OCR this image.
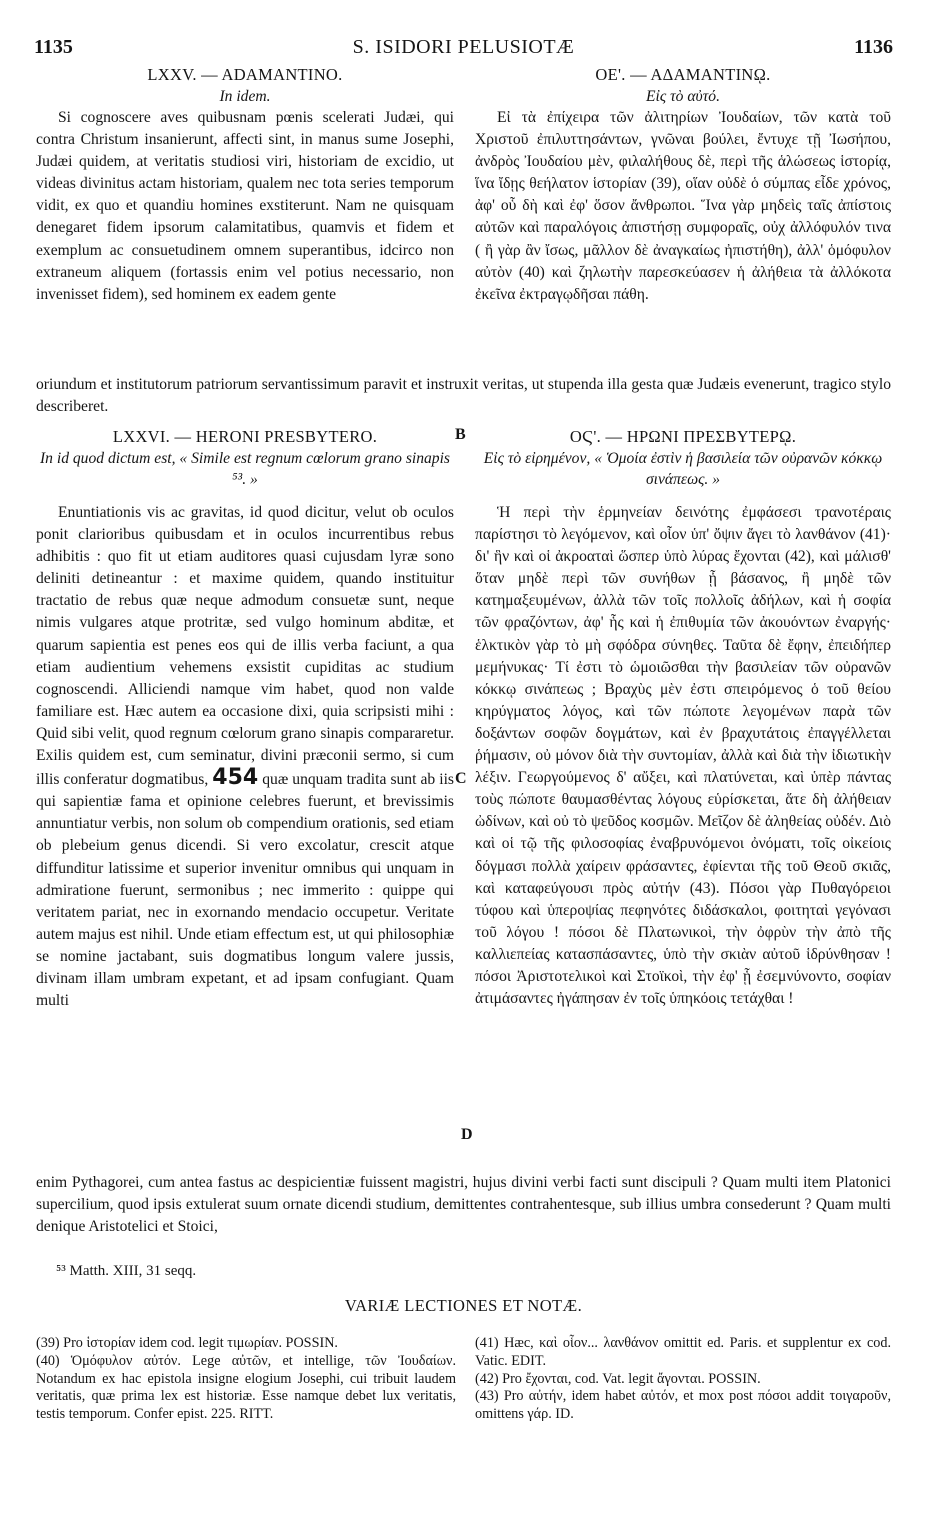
1135	S. ISIDORI PELUSIOTÆ	1136
LXXV. — ADAMANTINO.
In idem.

Si cognoscere aves quibusnam pœnis scelerati Judæi, qui contra Christum insanierunt, affecti sint, in manus sume Josephi, Judæi quidem, at veritatis studiosi viri, historiam de excidio, ut videas divinitus actam historiam, qualem nec tota series temporum vidit, ex quo et quandiu homines exstiterunt. Nam ne quisquam denegaret fidem ipsorum calamitatibus, quamvis et fidem et exemplum ac consuetudinem omnem superantibus, idcirco non extraneum aliquem (fortassis enim vel potius necessario, non invenisset fidem), sed hominem ex eadem gente

ΟΕ'. — ΑΔΑΜΑΝΤΙΝῼ.
Εἰς τὸ αὐτό.

Εἰ τὰ ἐπίχειρα τῶν ἀλιτηρίων Ἰουδαίων, τῶν κατὰ τοῦ Χριστοῦ ἐπιλυττησάντων, γνῶναι βούλει, ἔντυχε τῇ Ἰωσήπου, ἀνδρὸς Ἰουδαίου μὲν, φιλαλήθους δὲ, περὶ τῆς ἁλώσεως ἱστορίᾳ, ἵνα ἴδῃς θεήλατον ἱστορίαν (39), οἵαν οὐδὲ ὁ σύμπας εἶδε χρόνος, ἀφ' οὗ δὴ καὶ ἐφ' ὅσον ἄνθρωποι. Ἵνα γὰρ μηδεὶς ταῖς ἀπίστοις αὐτῶν καὶ παραλόγοις ἀπιστήσῃ συμφοραῖς, οὐχ ἀλλόφυλόν τινα ( ἢ γὰρ ἂν ἴσως, μᾶλλον δὲ ἀναγκαίως ἠπιστήθη), ἀλλ' ὁμόφυλον αὐτὸν (40) καὶ ζηλωτὴν παρεσκεύασεν ἡ ἀλήθεια τὰ ἀλλόκοτα ἐκεῖνα ἐκτραγῳδῆσαι πάθη.

oriundum et institutorum patriorum servantissimum paravit et instruxit veritas, ut stupenda illa gesta quæ Judæis evenerunt, tragico stylo describeret.
B
LXXVI. — HERONI PRESBYTERO.
In id quod dictum est, « Simile est regnum cœlorum grano sinapis ⁵³. »

Enuntiationis vis ac gravitas, id quod dicitur, velut ob oculos ponit clarioribus quibusdam et in oculos incurrentibus rebus adhibitis : quo fit ut etiam auditores quasi cujusdam lyræ sono deliniti detineantur : et maxime quidem, quando instituitur tractatio de rebus quæ neque admodum consuetæ sunt, neque nimis vulgares atque protritæ, sed vulgo hominum abditæ, et quarum sapientia est penes eos qui de illis verba faciunt, a qua etiam audientium vehemens exsistit cupiditas ac studium cognoscendi. Alliciendi namque vim habet, quod non valde familiare est. Hæc autem ea occasione dixi, quia scripsisti mihi : Quid sibi velit, quod regnum cœlorum grano sinapis compararetur. Exilis quidem est, cum seminatur, divini præconii sermo, si cum illis conferatur dogmatibus, 454 quæ unquam tradita sunt ab iis qui sapientiæ fama et opinione celebres fuerunt, et brevissimis annuntiatur verbis, non solum ob compendium orationis, sed etiam ob plebeium genus dicendi. Si vero excolatur, crescit atque diffunditur latissime et superior invenitur omnibus qui unquam in admiratione fuerunt, sermonibus ; nec immerito : quippe qui veritatem pariat, nec in exornando mendacio occupetur. Veritate autem majus est nihil. Unde etiam effectum est, ut qui philosophiæ se nomine jactabant, suis dogmatibus longum valere jussis, divinam illam umbram expetant, et ad ipsam confugiant. Quam multi

ΟϚ'. — ΗΡΩΝΙ ΠΡΕΣΒΥΤΕΡῼ.
Εἰς τὸ εἰρημένον, « Ὁμοία ἐστὶν ἡ βασιλεία τῶν οὐρανῶν κόκκῳ σινάπεως. »

Ἡ περὶ τὴν ἑρμηνείαν δεινότης ἐμφάσεσι τρανοτέραις παρίστησι τὸ λεγόμενον, καὶ οἷον ὑπ' ὄψιν ἄγει τὸ λανθάνον (41)· δι' ἣν καὶ οἱ ἀκροαταὶ ὥσπερ ὑπὸ λύρας ἔχονται (42), καὶ μάλισθ' ὅταν μηδὲ περὶ τῶν συνήθων ᾖ βάσανος, ἢ μηδὲ τῶν κατημαξευμένων, ἀλλὰ τῶν τοῖς πολλοῖς ἀδήλων, καὶ ἡ σοφία τῶν φραζόντων, ἀφ' ἧς καὶ ἡ ἐπιθυμία τῶν ἀκουόντων ἐναργής· ἑλκτικὸν γὰρ τὸ μὴ σφόδρα σύνηθες. Ταῦτα δὲ ἔφην, ἐπειδήπερ μεμήνυκας· Τί ἐστι τὸ ὡμοιῶσθαι τὴν βασιλείαν τῶν οὐρανῶν κόκκῳ σινάπεως ; Βραχὺς μὲν ἐστι σπειρόμενος ὁ τοῦ θείου κηρύγματος λόγος, καὶ τῶν πώποτε λεγομένων παρὰ τῶν δοξάντων σοφῶν δογμάτων, καὶ ἐν βραχυτάτοις ἐπαγγέλλεται ῥήμασιν, οὐ μόνον διὰ τὴν συντομίαν, ἀλλὰ καὶ διὰ τὴν ἰδιωτικὴν λέξιν. Γεωργούμενος δ' αὔξει, καὶ πλατύνεται, καὶ ὑπὲρ πάντας τοὺς πώποτε θαυμασθέντας λόγους εὑρίσκεται, ἅτε δὴ ἀλήθειαν ὠδίνων, καὶ οὐ τὸ ψεῦδος κοσμῶν. Μεῖζον δὲ ἀληθείας οὐδέν. Διὸ καὶ οἱ τῷ τῆς φιλοσοφίας ἐναβρυνόμενοι ὀνόματι, τοῖς οἰκείοις δόγμασι πολλὰ χαίρειν φράσαντες, ἐφίενται τῆς τοῦ Θεοῦ σκιᾶς, καὶ καταφεύγουσι πρὸς αὐτήν (43). Πόσοι γὰρ Πυθαγόρειοι τύφου καὶ ὑπεροψίας πεφηνότες διδάσκαλοι, φοιτηταὶ γεγόνασι τοῦ λόγου ! πόσοι δὲ Πλατωνικοὶ, τὴν ὀφρὺν τὴν ἀπὸ τῆς καλλιεπείας κατασπάσαντες, ὑπὸ τὴν σκιὰν αὐτοῦ ἱδρύνθησαν ! πόσοι Ἀριστοτελικοὶ καὶ Στοϊκοὶ, τὴν ἐφ' ᾗ ἐσεμνύνοντο, σοφίαν ἀτιμάσαντες ἠγάπησαν ἐν τοῖς ὑπηκόοις τετάχθαι !

C
D
enim Pythagorei, cum antea fastus ac despicientiæ fuissent magistri, hujus divini verbi facti sunt discipuli ? Quam multi item Platonici supercilium, quod ipsis extulerat suum ornate dicendi studium, demittentes contrahentesque, sub illius umbra consederunt ? Quam multi denique Aristotelici et Stoici,
⁵³ Matth. XIII, 31 seqq.
VARIÆ LECTIONES ET NOTÆ.

(39) Pro ἱστορίαν idem cod. legit τιμωρίαν. POSSIN.

(40) Ὁμόφυλον αὐτόν. Lege αὐτῶν, et intellige, τῶν Ἰουδαίων. Notandum ex hac epistola insigne elogium Josephi, cui tribuit laudem veritatis, quæ prima lex est historiæ. Esse namque debet lux veritatis, testis temporum. Confer epist. 225. RITT.

(41) Hæc, καὶ οἷον... λανθάνον omittit ed. Paris. et supplentur ex cod. Vatic. EDIT.

(42) Pro ἔχονται, cod. Vat. legit ἄγονται. POSSIN.

(43) Pro αὐτήν, idem habet αὐτόν, et mox post πόσοι addit τοιγαροῦν, omittens γάρ. ID.
